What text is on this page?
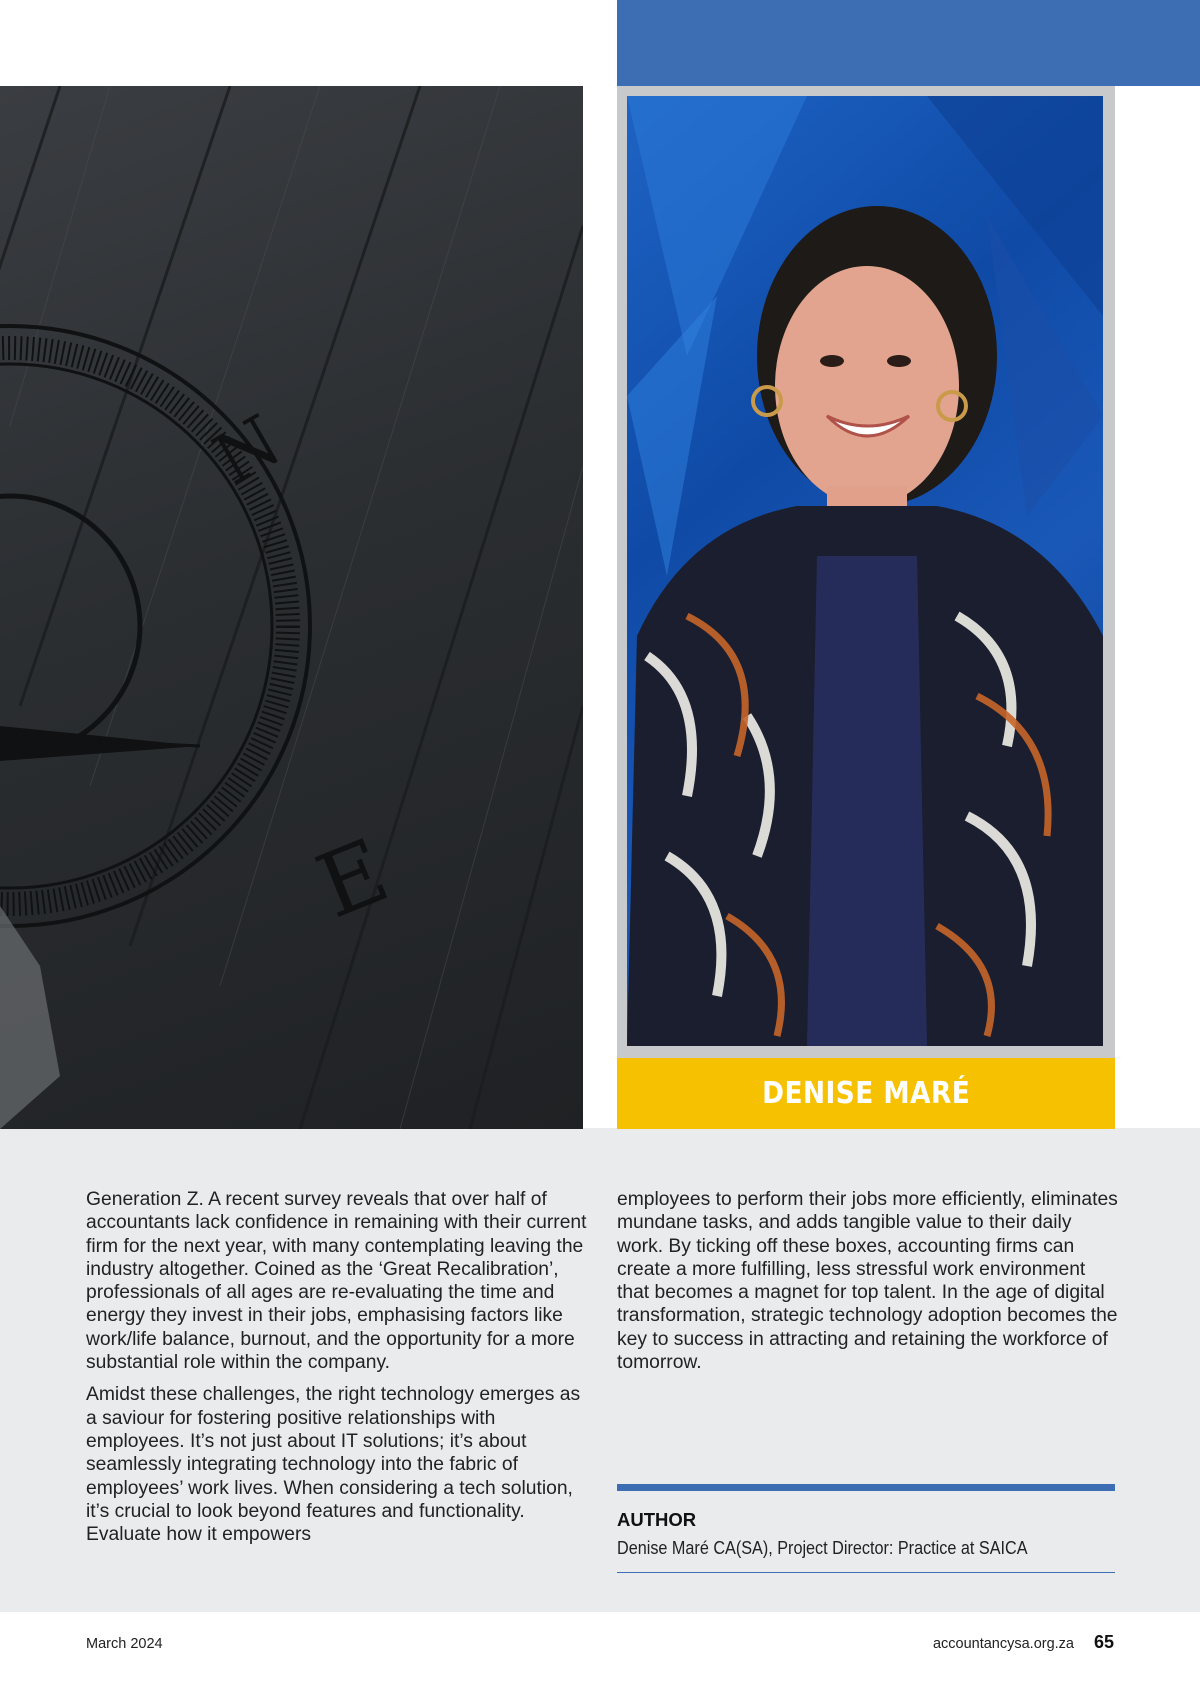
N
E
DENISE MARÉ

Generation Z. A recent survey reveals that over half of accountants lack confidence in remaining with their current firm for the next year, with many contemplating leaving the industry altogether. Coined as the ‘Great Recalibration’, professionals of all ages are re-evaluating the time and energy they invest in their jobs, emphasising factors like work/life balance, burnout, and the opportunity for a more substantial role within the company.

Amidst these challenges, the right technology emerges as a saviour for fostering positive relationships with employees. It’s not just about IT solutions; it’s about seamlessly integrating technology into the fabric of employees’ work lives. When considering a tech solution, it’s crucial to look beyond features and functionality. Evaluate how it empowers

employees to perform their jobs more efficiently, eliminates mundane tasks, and adds tangible value to their daily work. By ticking off these boxes, accounting firms can create a more fulfilling, less stressful work environment that becomes a magnet for top talent. In the age of digital transformation, strategic technology adoption becomes the key to success in attracting and retaining the workforce of tomorrow.

AUTHOR
Denise Maré CA(SA), Project Director: Practice at SAICA
March 2024	accountancysa.org.za 65
